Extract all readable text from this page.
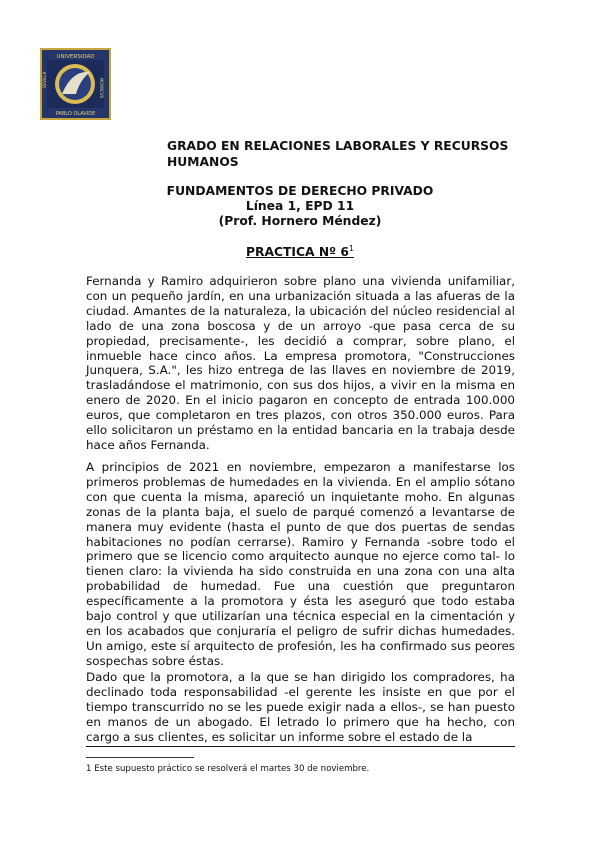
UNIVERSIDAD
PABLO OLAVIDE
SEVILLA	MCMXCVII
GRADO EN RELACIONES LABORALES Y RECURSOS HUMANOS
FUNDAMENTOS DE DERECHO PRIVADO
Línea 1, EPD 11
(Prof. Hornero Méndez)
PRACTICA Nº $6^1$

Fernanda y Ramiro adquirieron sobre plano una vivienda unifamiliar, con un pequeño jardín, en una urbanización situada a las afueras de la ciudad. Amantes de la naturaleza, la ubicación del núcleo residencial al lado de una zona boscosa y de un arroyo -que pasa cerca de su propiedad, precisamente-, les decidió a comprar, sobre plano, el inmueble hace cinco años. La empresa promotora, "Construcciones Junquera, S.A.", les hizo entrega de las llaves en noviembre de 2019, trasladándose el matrimonio, con sus dos hijos, a vivir en la misma en enero de 2020. En el inicio pagaron en concepto de entrada 100.000 euros, que completaron en tres plazos, con otros 350.000 euros. Para ello solicitaron un préstamo en la entidad bancaria en la trabaja desde hace años Fernanda.

A principios de 2021 en noviembre, empezaron a manifestarse los primeros problemas de humedades en la vivienda. En el amplio sótano con que cuenta la misma, apareció un inquietante moho. En algunas zonas de la planta baja, el suelo de parqué comenzó a levantarse de manera muy evidente (hasta el punto de que dos puertas de sendas habitaciones no podían cerrarse). Ramiro y Fernanda -sobre todo el primero que se licencio como arquitecto aunque no ejerce como tal- lo tienen claro: la vivienda ha sido construida en una zona con una alta probabilidad de humedad. Fue una cuestión que preguntaron específicamente a la promotora y ésta les aseguró que todo estaba bajo control y que utilizarían una técnica especial en la cimentación y en los acabados que conjuraría el peligro de sufrir dichas humedades. Un amigo, este sí arquitecto de profesión, les ha confirmado sus peores sospechas sobre éstas.

Dado que la promotora, a la que se han dirigido los compradores, ha declinado toda responsabilidad -el gerente les insiste en que por el tiempo transcurrido no se les puede exigir nada a ellos-, se han puesto en manos de un abogado. El letrado lo primero que ha hecho, con cargo a sus clientes, es solicitar un informe sobre el estado de la

1 Este supuesto práctico se resolverá el martes 30 de noviembre.
